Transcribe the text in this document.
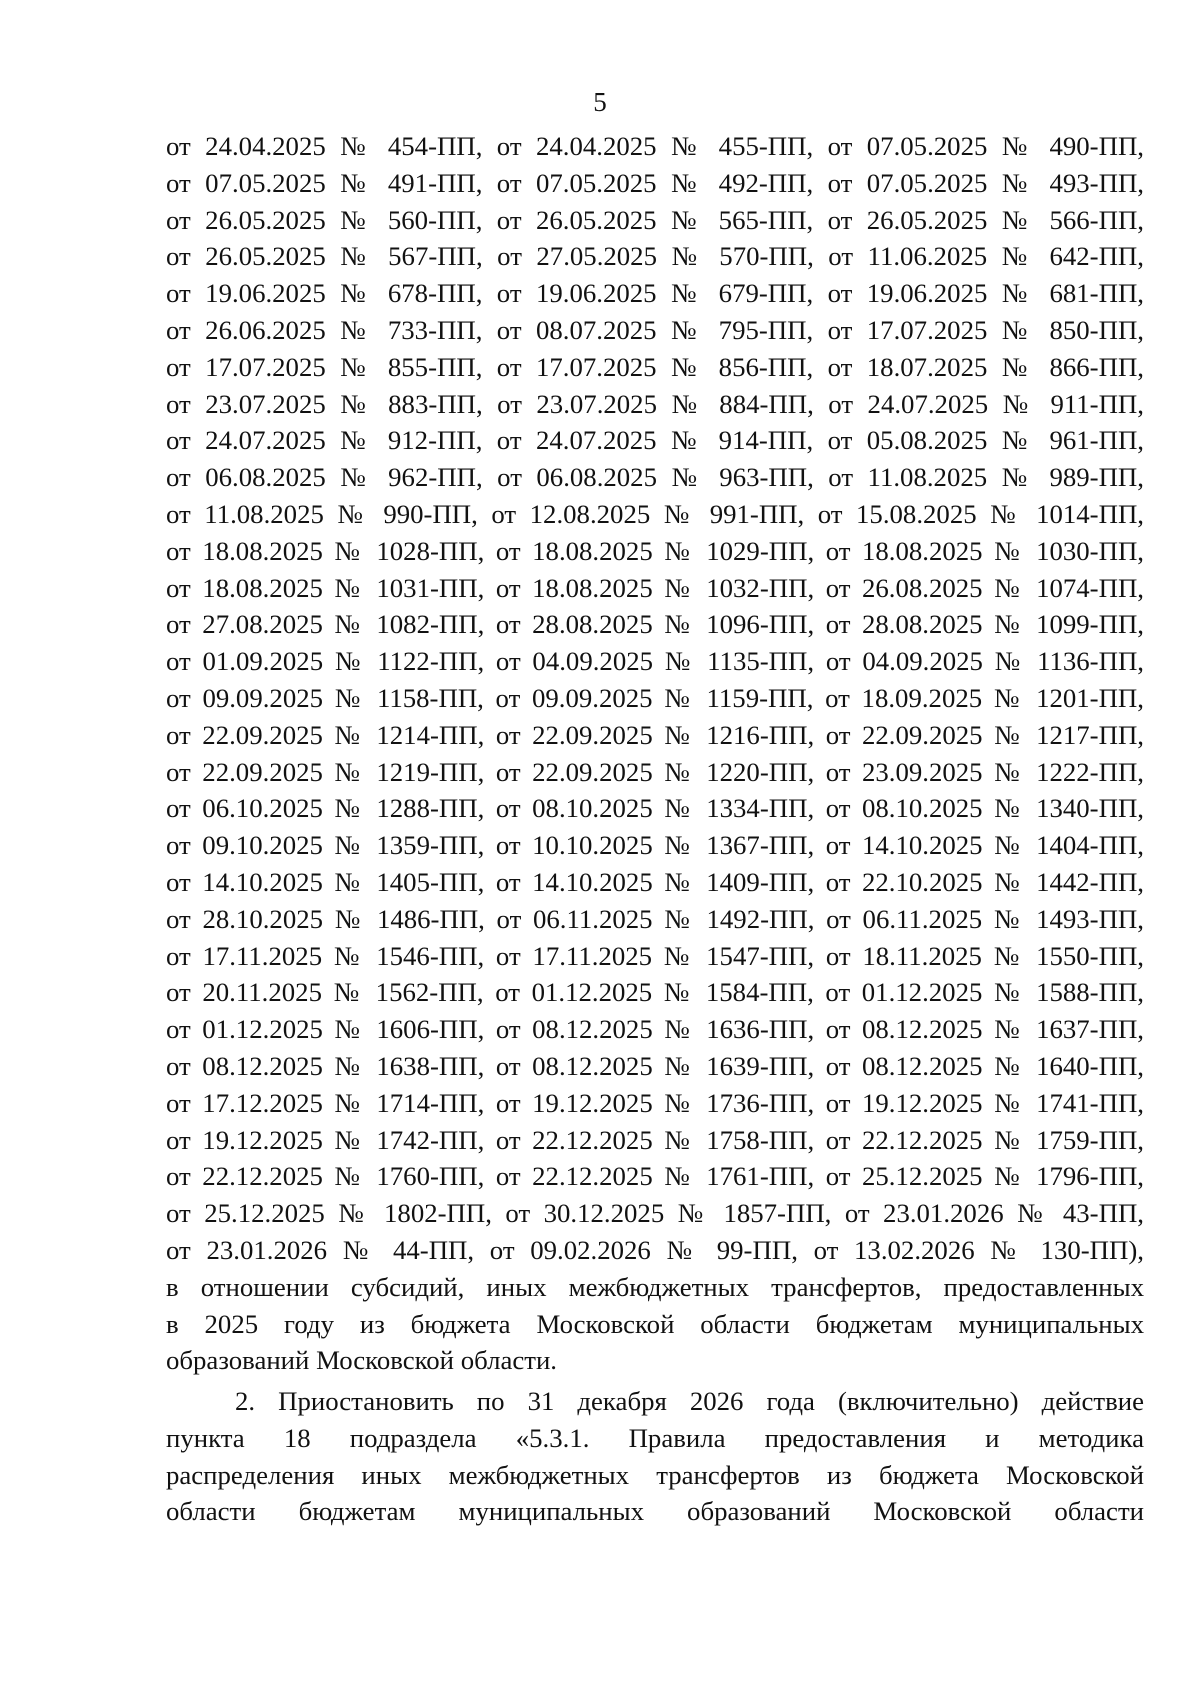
5
от 24.04.2025 № 454-ПП, от 24.04.2025 № 455-ПП, от 07.05.2025 № 490-ПП,
от 07.05.2025 № 491-ПП, от 07.05.2025 № 492-ПП, от 07.05.2025 № 493-ПП,
от 26.05.2025 № 560-ПП, от 26.05.2025 № 565-ПП, от 26.05.2025 № 566-ПП,
от 26.05.2025 № 567-ПП, от 27.05.2025 № 570-ПП, от 11.06.2025 № 642-ПП,
от 19.06.2025 № 678-ПП, от 19.06.2025 № 679-ПП, от 19.06.2025 № 681-ПП,
от 26.06.2025 № 733-ПП, от 08.07.2025 № 795-ПП, от 17.07.2025 № 850-ПП,
от 17.07.2025 № 855-ПП, от 17.07.2025 № 856-ПП, от 18.07.2025 № 866-ПП,
от 23.07.2025 № 883-ПП, от 23.07.2025 № 884-ПП, от 24.07.2025 № 911-ПП,
от 24.07.2025 № 912-ПП, от 24.07.2025 № 914-ПП, от 05.08.2025 № 961-ПП,
от 06.08.2025 № 962-ПП, от 06.08.2025 № 963-ПП, от 11.08.2025 № 989-ПП,
от 11.08.2025 № 990-ПП, от 12.08.2025 № 991-ПП, от 15.08.2025 № 1014-ПП,
от 18.08.2025 № 1028-ПП, от 18.08.2025 № 1029-ПП, от 18.08.2025 № 1030-ПП,
от 18.08.2025 № 1031-ПП, от 18.08.2025 № 1032-ПП, от 26.08.2025 № 1074-ПП,
от 27.08.2025 № 1082-ПП, от 28.08.2025 № 1096-ПП, от 28.08.2025 № 1099-ПП,
от 01.09.2025 № 1122-ПП, от 04.09.2025 № 1135-ПП, от 04.09.2025 № 1136-ПП,
от 09.09.2025 № 1158-ПП, от 09.09.2025 № 1159-ПП, от 18.09.2025 № 1201-ПП,
от 22.09.2025 № 1214-ПП, от 22.09.2025 № 1216-ПП, от 22.09.2025 № 1217-ПП,
от 22.09.2025 № 1219-ПП, от 22.09.2025 № 1220-ПП, от 23.09.2025 № 1222-ПП,
от 06.10.2025 № 1288-ПП, от 08.10.2025 № 1334-ПП, от 08.10.2025 № 1340-ПП,
от 09.10.2025 № 1359-ПП, от 10.10.2025 № 1367-ПП, от 14.10.2025 № 1404-ПП,
от 14.10.2025 № 1405-ПП, от 14.10.2025 № 1409-ПП, от 22.10.2025 № 1442-ПП,
от 28.10.2025 № 1486-ПП, от 06.11.2025 № 1492-ПП, от 06.11.2025 № 1493-ПП,
от 17.11.2025 № 1546-ПП, от 17.11.2025 № 1547-ПП, от 18.11.2025 № 1550-ПП,
от 20.11.2025 № 1562-ПП, от 01.12.2025 № 1584-ПП, от 01.12.2025 № 1588-ПП,
от 01.12.2025 № 1606-ПП, от 08.12.2025 № 1636-ПП, от 08.12.2025 № 1637-ПП,
от 08.12.2025 № 1638-ПП, от 08.12.2025 № 1639-ПП, от 08.12.2025 № 1640-ПП,
от 17.12.2025 № 1714-ПП, от 19.12.2025 № 1736-ПП, от 19.12.2025 № 1741-ПП,
от 19.12.2025 № 1742-ПП, от 22.12.2025 № 1758-ПП, от 22.12.2025 № 1759-ПП,
от 22.12.2025 № 1760-ПП, от 22.12.2025 № 1761-ПП, от 25.12.2025 № 1796-ПП,
от 25.12.2025 № 1802-ПП, от 30.12.2025 № 1857-ПП, от 23.01.2026 № 43-ПП,
от 23.01.2026 № 44-ПП, от 09.02.2026 № 99-ПП, от 13.02.2026 № 130-ПП),
в отношении субсидий, иных межбюджетных трансфертов, предоставленных
в 2025 году из бюджета Московской области бюджетам муниципальных
образований Московской области.
2. Приостановить по 31 декабря 2026 года (включительно) действие
пункта 18 подраздела «5.3.1. Правила предоставления и методика
распределения иных межбюджетных трансфертов из бюджета Московской
области бюджетам муниципальных образований Московской области
